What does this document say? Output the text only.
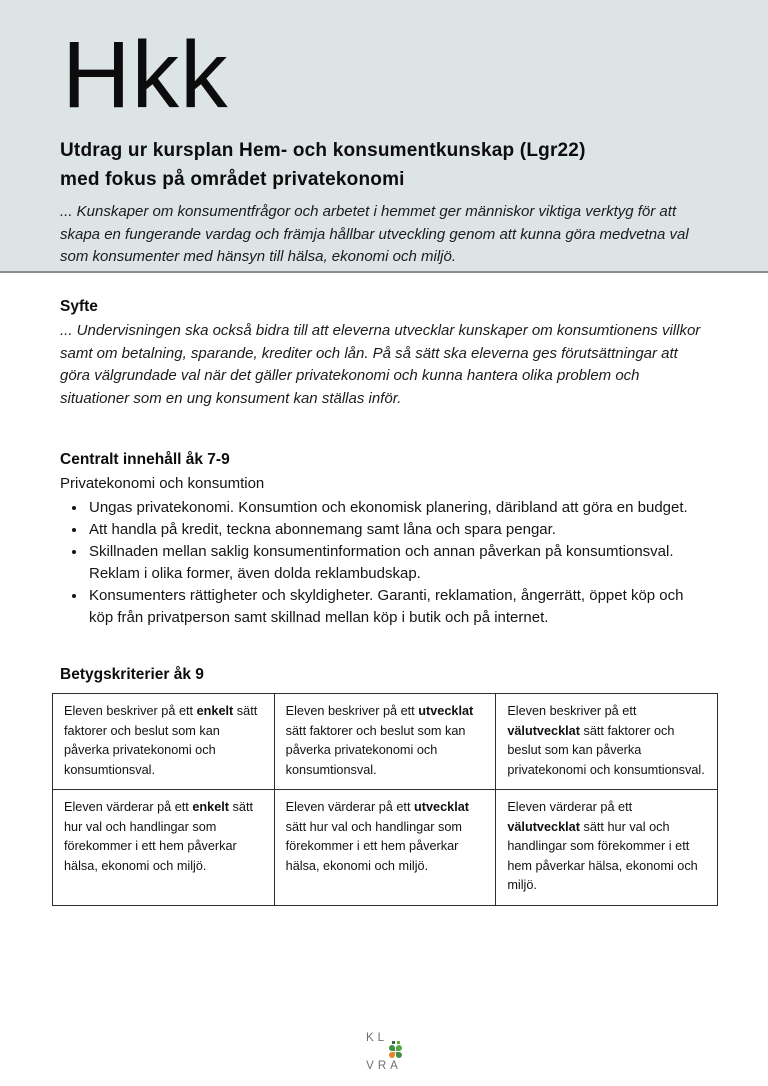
Hkk
Utdrag ur kursplan Hem- och konsumentkunskap (Lgr22)
med fokus på området privatekonomi

... Kunskaper om konsumentfrågor och arbetet i hemmet ger människor viktiga verktyg för att skapa en fungerande vardag och främja hållbar utveckling genom att kunna göra medvetna val som konsumenter med hänsyn till hälsa, ekonomi och miljö.

Syfte

... Undervisningen ska också bidra till att eleverna utvecklar kunskaper om konsumtionens villkor samt om betalning, sparande, krediter och lån. På så sätt ska eleverna ges förutsättningar att göra välgrundade val när det gäller privatekonomi och kunna hantera olika problem och situationer som en ung konsument kan ställas inför.

Centralt innehåll åk 7-9

Privatekonomi och konsumtion

• Ungas privatekonomi. Konsumtion och ekonomisk planering, däribland att göra en budget.
• Att handla på kredit, teckna abonnemang samt låna och spara pengar.
• Skillnaden mellan saklig konsumentinformation och annan påverkan på konsumtionsval. Reklam i olika former, även dolda reklambudskap.
• Konsumenters rättigheter och skyldigheter. Garanti, reklamation, ångerrätt, öppet köp och köp från privatperson samt skillnad mellan köp i butik och på internet.
Betygskriterier åk 9
Eleven beskriver på ett enkelt sätt faktorer och beslut som kan påverka privatekonomi och konsumtionsval.	Eleven beskriver på ett utvecklat sätt faktorer och beslut som kan påverka privatekonomi och konsumtionsval.	Eleven beskriver på ett välutvecklat sätt faktorer och beslut som kan påverka privatekonomi och konsumtionsval.
Eleven värderar på ett enkelt sätt hur val och handlingar som förekommer i ett hem påverkar hälsa, ekonomi och miljö.	Eleven värderar på ett utvecklat sätt hur val och handlingar som förekommer i ett hem påverkar hälsa, ekonomi och miljö.	Eleven värderar på ett välutvecklat sätt hur val och handlingar som förekommer i ett hem påverkar hälsa, ekonomi och miljö.
KL
VRA
